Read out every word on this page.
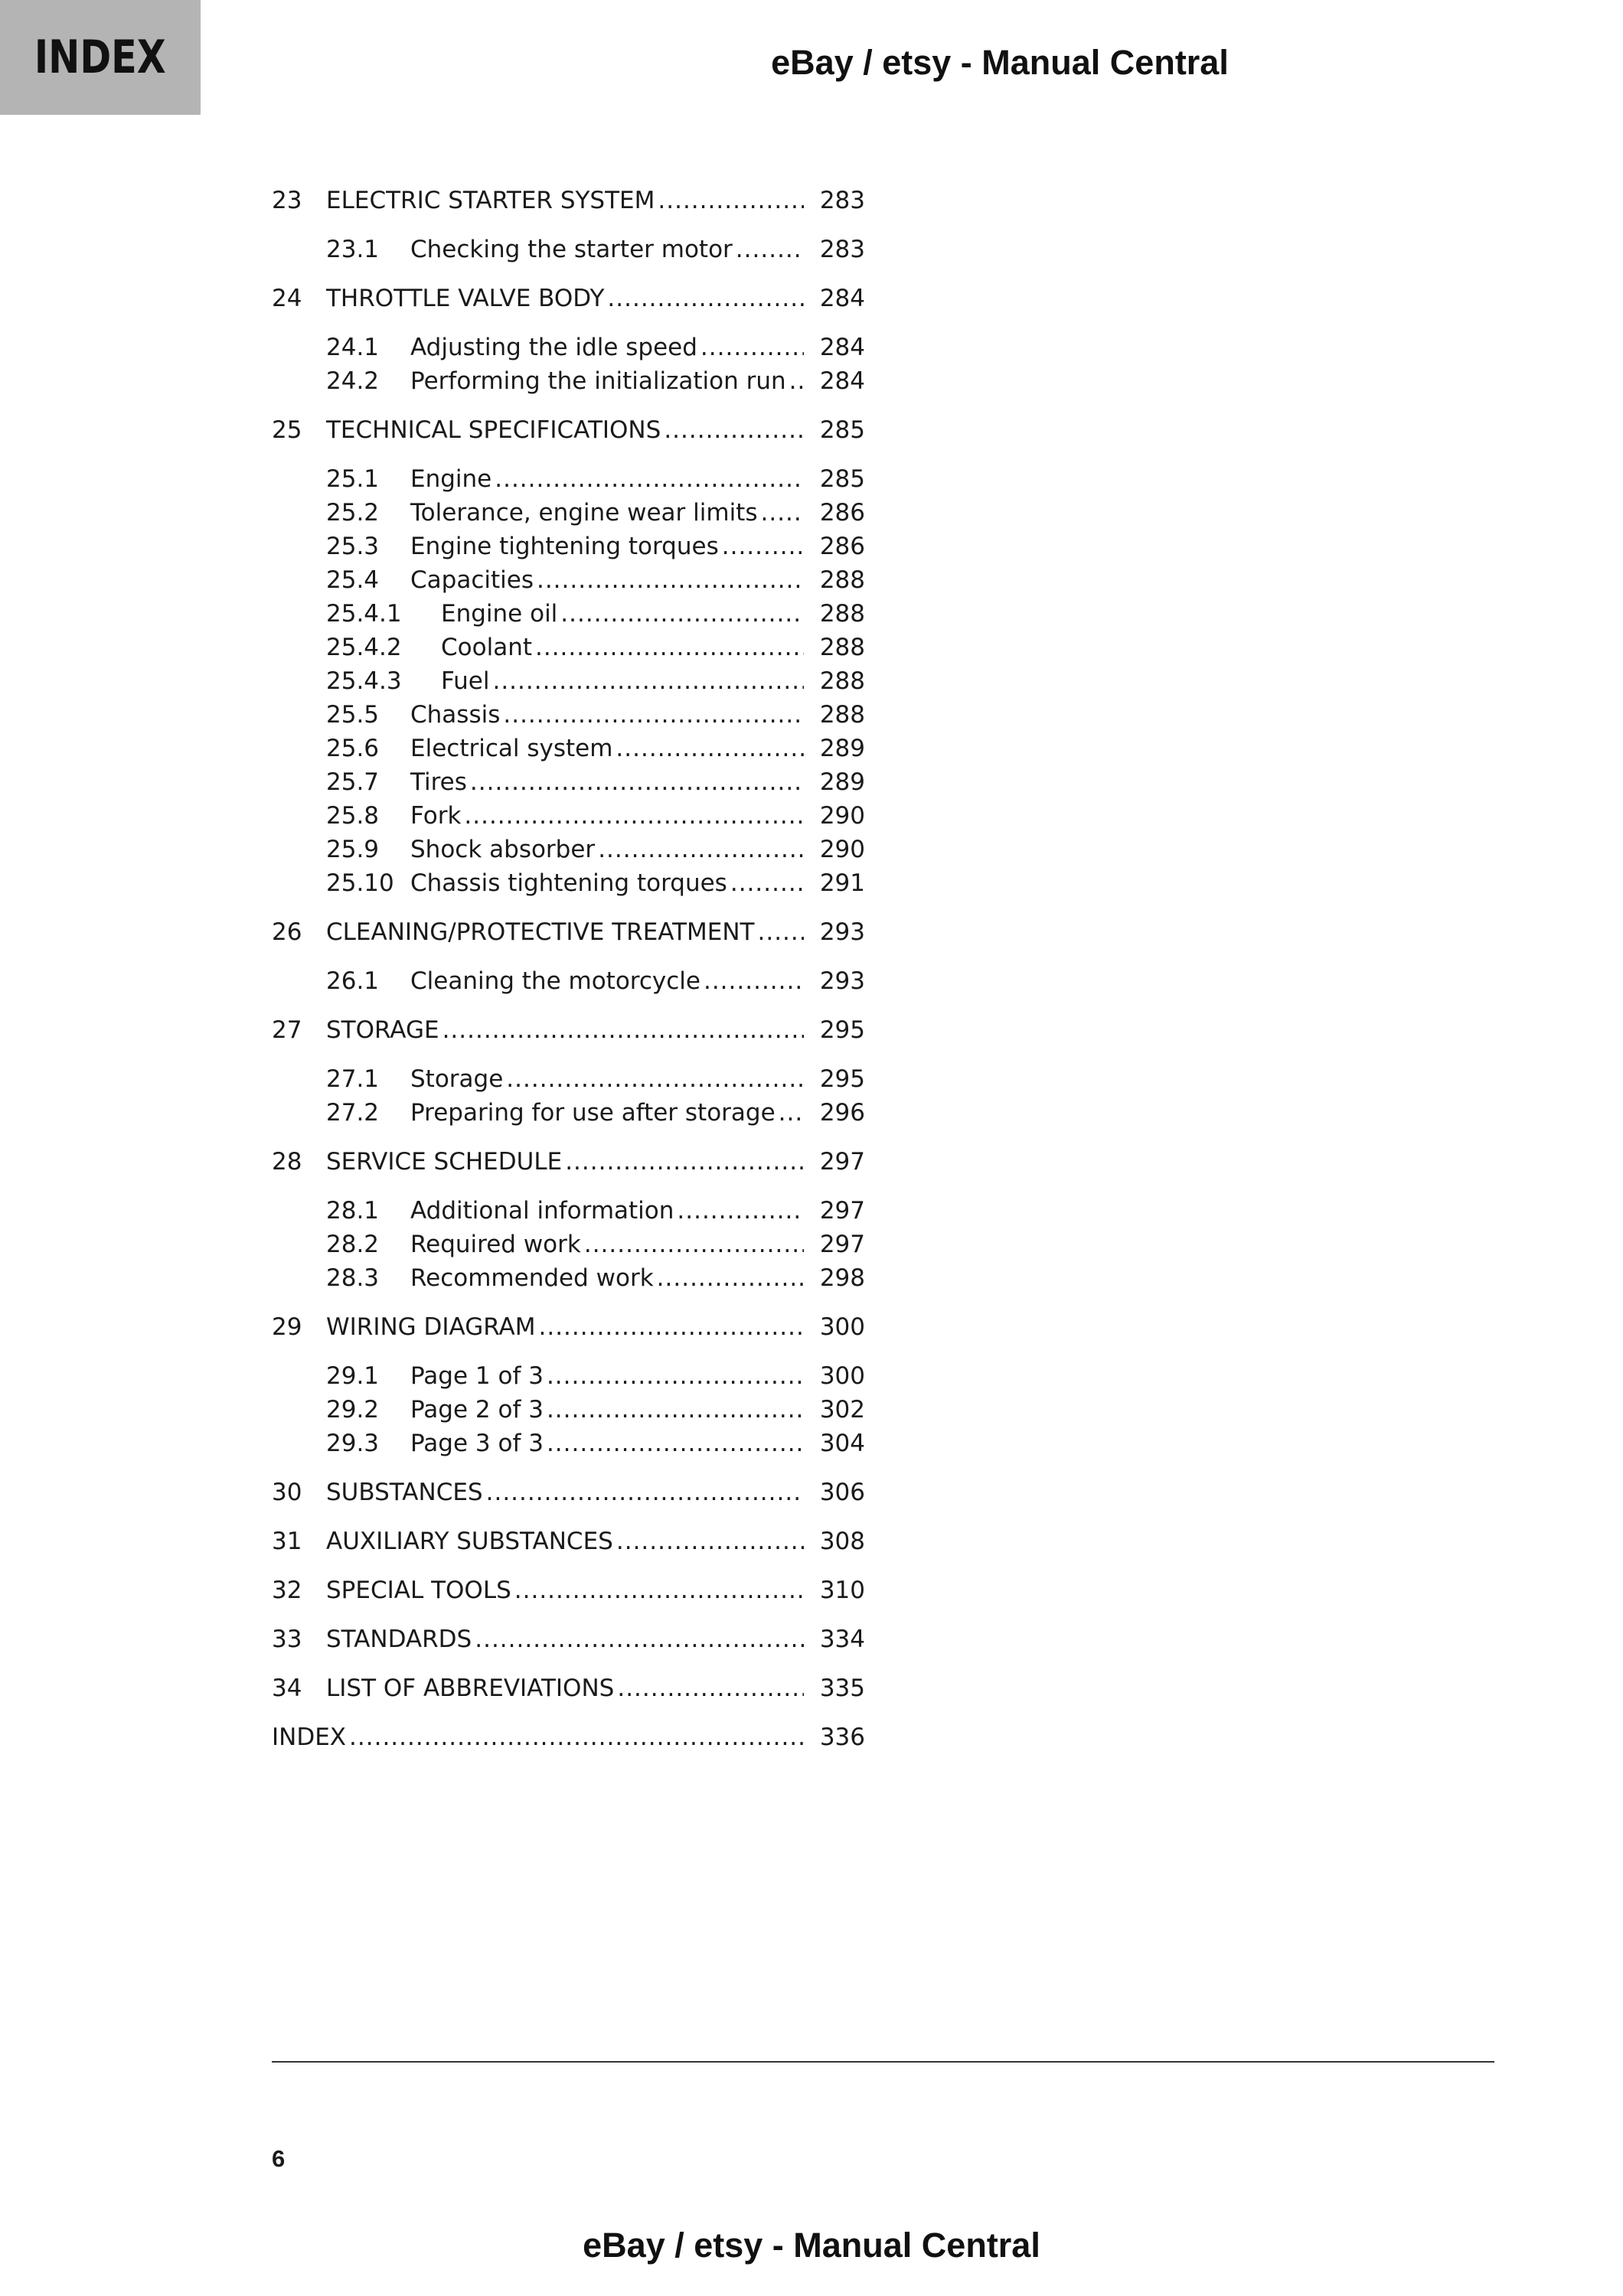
INDEX	eBay / etsy - Manual Central
23	ELECTRIC STARTER SYSTEM .....	283
23.1	Checking the starter motor .....	283
24	THROTTLE VALVE BODY .....	284
24.1	Adjusting the idle speed .....	284
24.2	Performing the initialization run .....	284
25	TECHNICAL SPECIFICATIONS .....	285
25.1	Engine .....	285
25.2	Tolerance, engine wear limits .....	286
25.3	Engine tightening torques .....	286
25.4	Capacities .....	288
25.4.1	Engine oil .....	288
25.4.2	Coolant .....	288
25.4.3	Fuel .....	288
25.5	Chassis .....	288
25.6	Electrical system .....	289
25.7	Tires .....	289
25.8	Fork .....	290
25.9	Shock absorber .....	290
25.10 Chassis tightening torques .....	291
26	CLEANING/PROTECTIVE TREATMENT .....	293
26.1	Cleaning the motorcycle .....	293
27	STORAGE .....	295
27.1	Storage .....	295
27.2	Preparing for use after storage .....	296
28	SERVICE SCHEDULE .....	297
28.1	Additional information .....	297
28.2	Required work .....	297
28.3	Recommended work .....	298
29	WIRING DIAGRAM .....	300
29.1	Page 1 of 3 .....	300
29.2	Page 2 of 3 .....	302
29.3	Page 3 of 3 .....	304
30	SUBSTANCES .....	306
31	AUXILIARY SUBSTANCES .....	308
32	SPECIAL TOOLS .....	310
33	STANDARDS .....	334
34	LIST OF ABBREVIATIONS .....	335
INDEX .....	336
6
eBay / etsy - Manual Central
